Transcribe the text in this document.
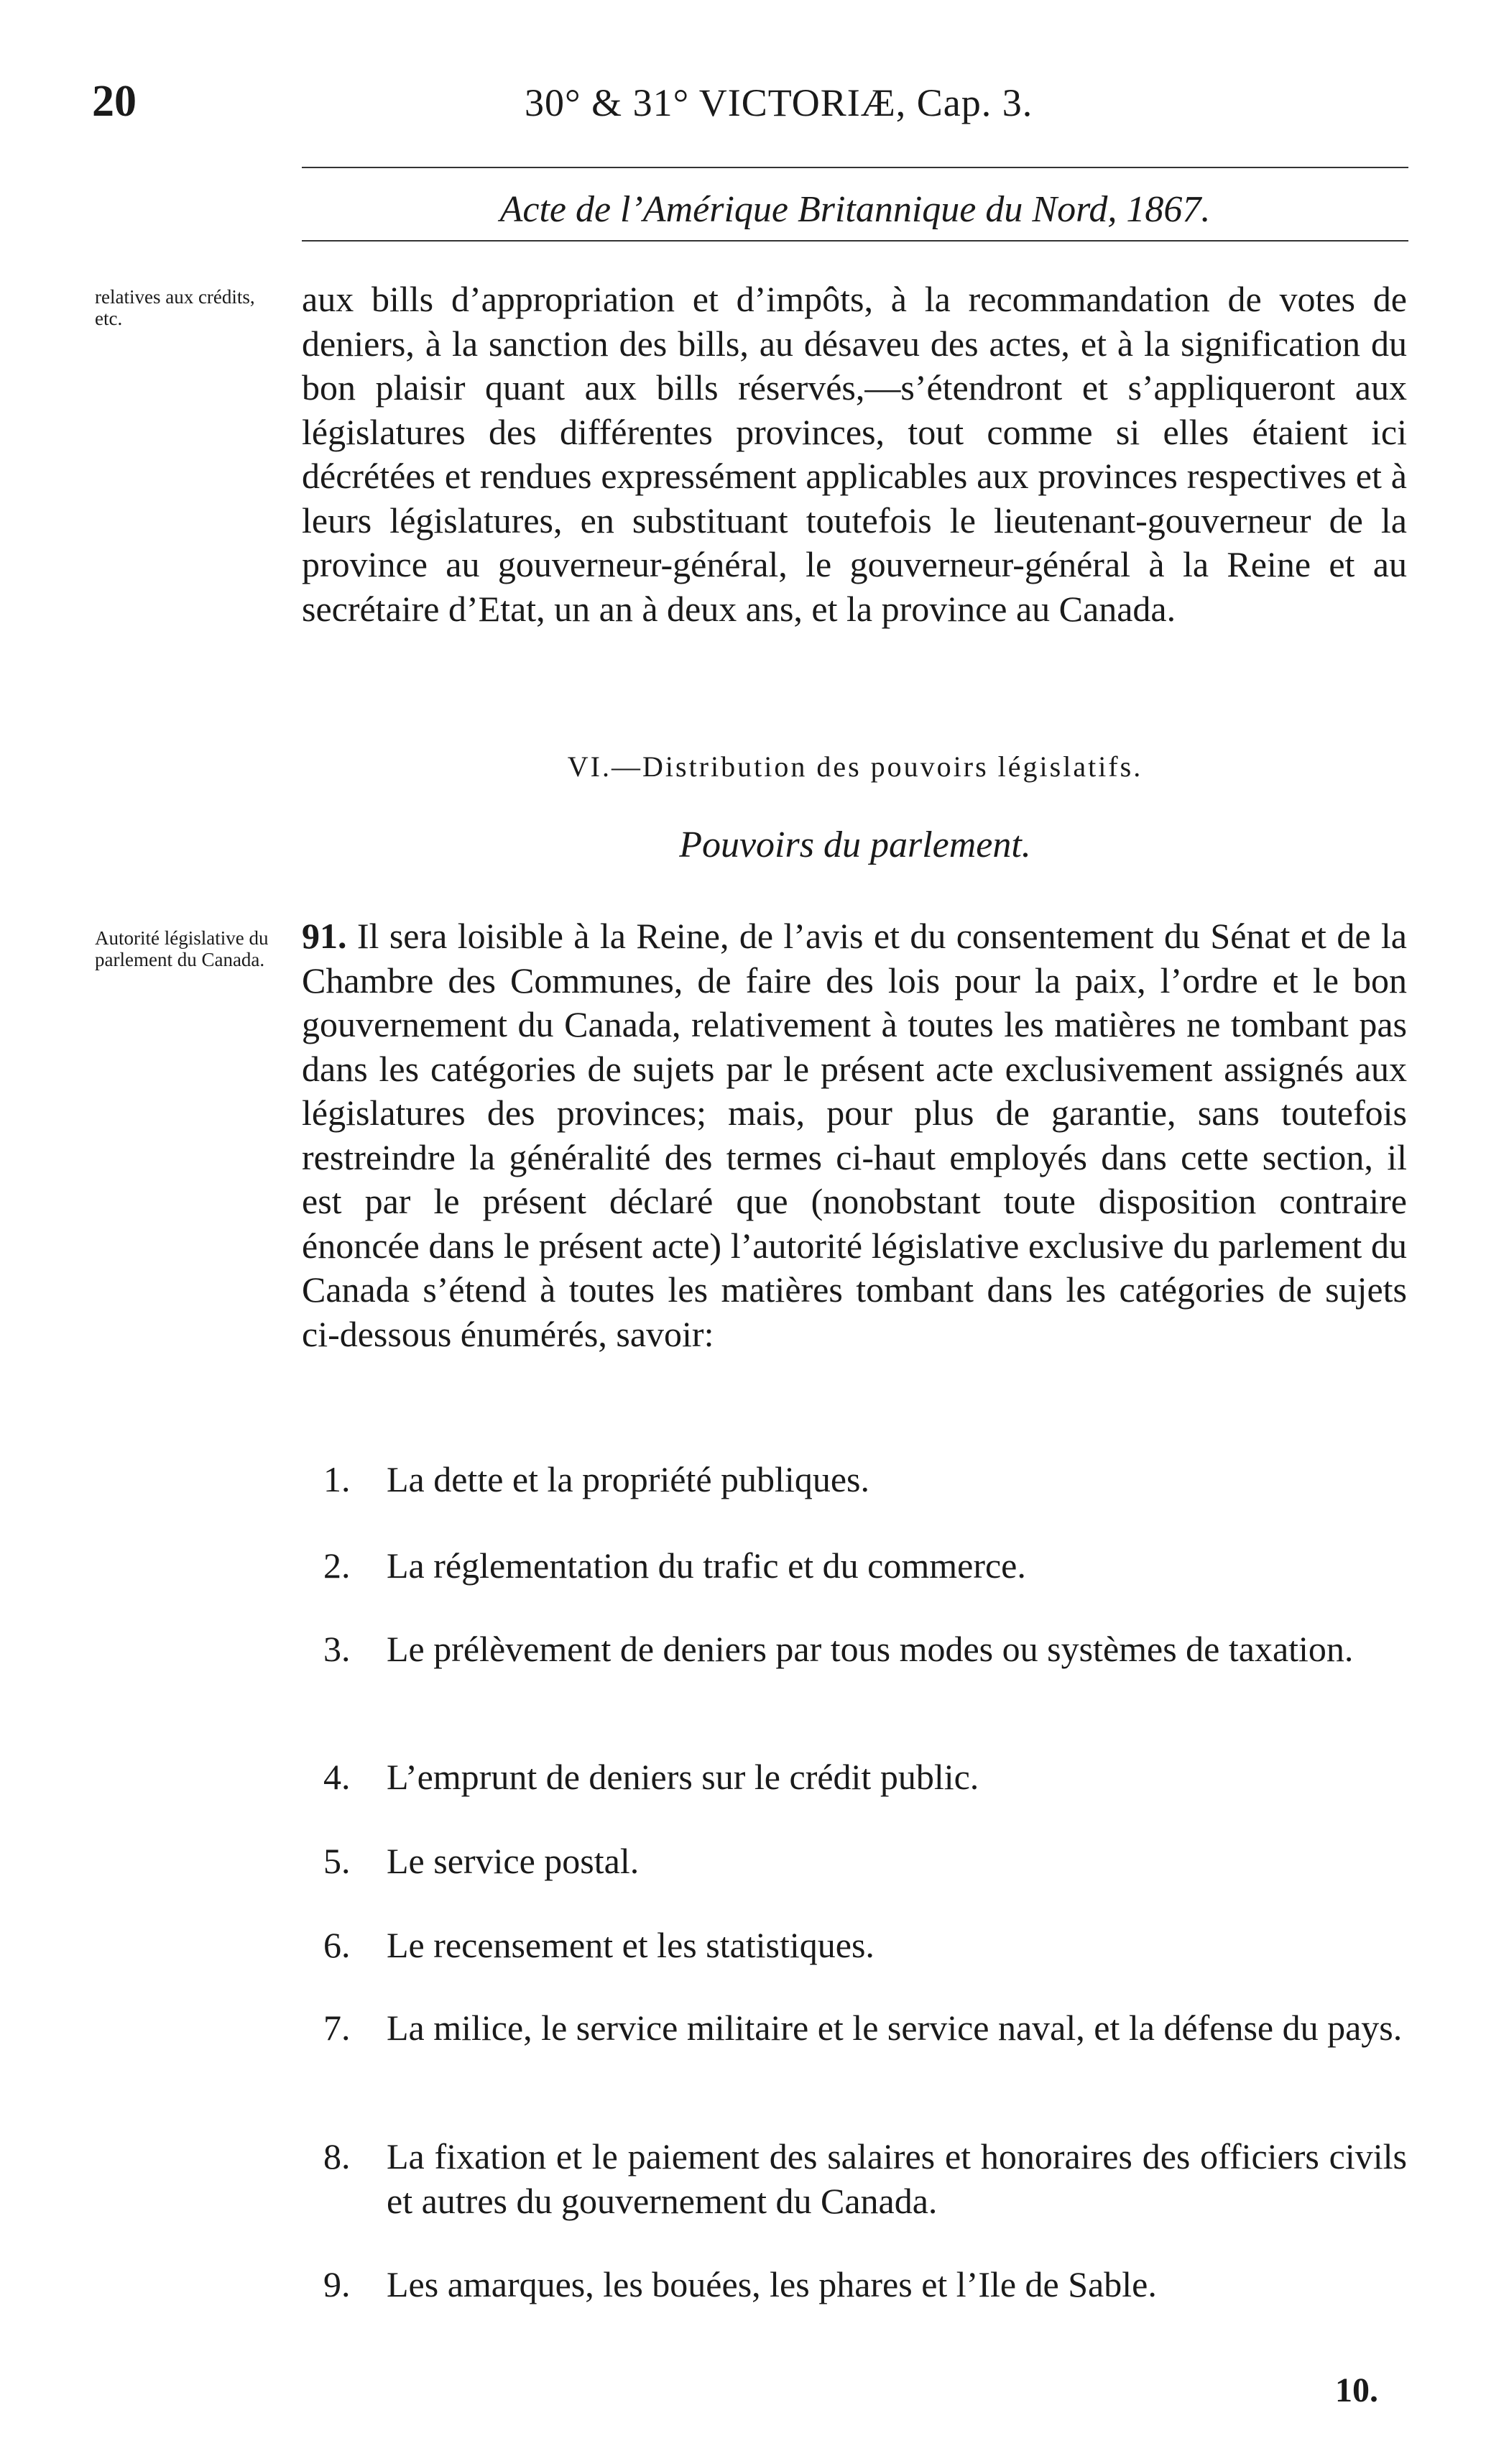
20	30° & 31° VICTORIÆ, Cap. 3.
Acte de l’Amérique Britannique du Nord, 1867.
relatives aux crédits, etc.	aux bills d’appropriation et d’impôts, à la recommandation de votes de deniers, à la sanction des bills, au désaveu des actes, et à la signification du bon plaisir quant aux bills réservés,—s’étendront et s’appliqueront aux législatures des différentes provinces, tout comme si elles étaient ici décrétées et rendues expressément applicables aux provinces respectives et à leurs législatures, en substituant toutefois le lieutenant-gouverneur de la province au gouverneur-général, le gouverneur-général à la Reine et au secrétaire d’Etat, un an à deux ans, et la province au Canada.
VI.—Distribution des pouvoirs législatifs.
Pouvoirs du parlement.
Autorité législative du parlement du Canada.
91. Il sera loisible à la Reine, de l’avis et du consentement du Sénat et de la Chambre des Communes, de faire des lois pour la paix, l’ordre et le bon gouvernement du Canada, relativement à toutes les matières ne tombant pas dans les catégories de sujets par le présent acte exclusivement assignés aux législatures des provinces; mais, pour plus de garantie, sans toutefois restreindre la généralité des termes ci-haut employés dans cette section, il est par le présent déclaré que (nonobstant toute disposition contraire énoncée dans le présent acte) l’autorité législative exclusive du parlement du Canada s’étend à toutes les matières tombant dans les catégories de sujets ci-dessous énumérés, savoir:
1.	La dette et la propriété publiques.
2.	La réglementation du trafic et du commerce.
3.	Le prélèvement de deniers par tous modes ou systèmes de taxation.
4.	L’emprunt de deniers sur le crédit public.
5.	Le service postal.
6.	Le recensement et les statistiques.
7.	La milice, le service militaire et le service naval, et la défense du pays.
8.	La fixation et le paiement des salaires et honoraires des officiers civils et autres du gouvernement du Canada.
9.	Les amarques, les bouées, les phares et l’Ile de Sable.
10.
